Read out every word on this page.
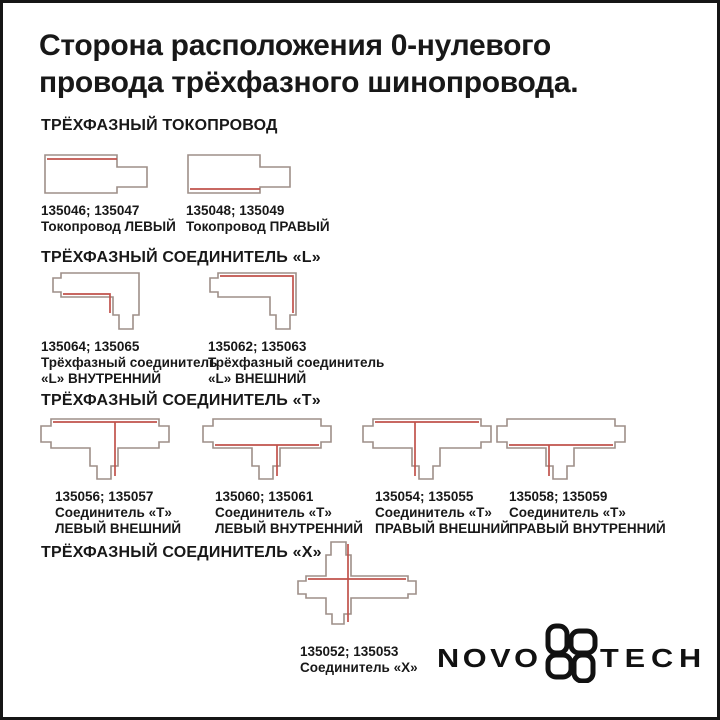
Сторона расположения 0-нулевого
провода трёхфазного шинопровода.
ТРЁХФАЗНЫЙ ТОКОПРОВОД
135046; 135047
Токопровод ЛЕВЫЙ
135048; 135049
Токопровод ПРАВЫЙ
ТРЁХФАЗНЫЙ СОЕДИНИТЕЛЬ «L»
135064; 135065
Трёхфазный соединитель
«L» ВНУТРЕННИЙ
135062; 135063
Трёхфазный соединитель
«L» ВНЕШНИЙ
ТРЁХФАЗНЫЙ СОЕДИНИТЕЛЬ «Т»
135056; 135057
Соединитель «Т»
ЛЕВЫЙ ВНЕШНИЙ
135060; 135061
Соединитель «Т»
ЛЕВЫЙ ВНУТРЕННИЙ
135054; 135055
Соединитель «Т»
ПРАВЫЙ ВНЕШНИЙ
135058; 135059
Соединитель «Т»
ПРАВЫЙ ВНУТРЕННИЙ
ТРЁХФАЗНЫЙ СОЕДИНИТЕЛЬ «Х»
135052; 135053
Соединитель «Х» NOVO TECH
